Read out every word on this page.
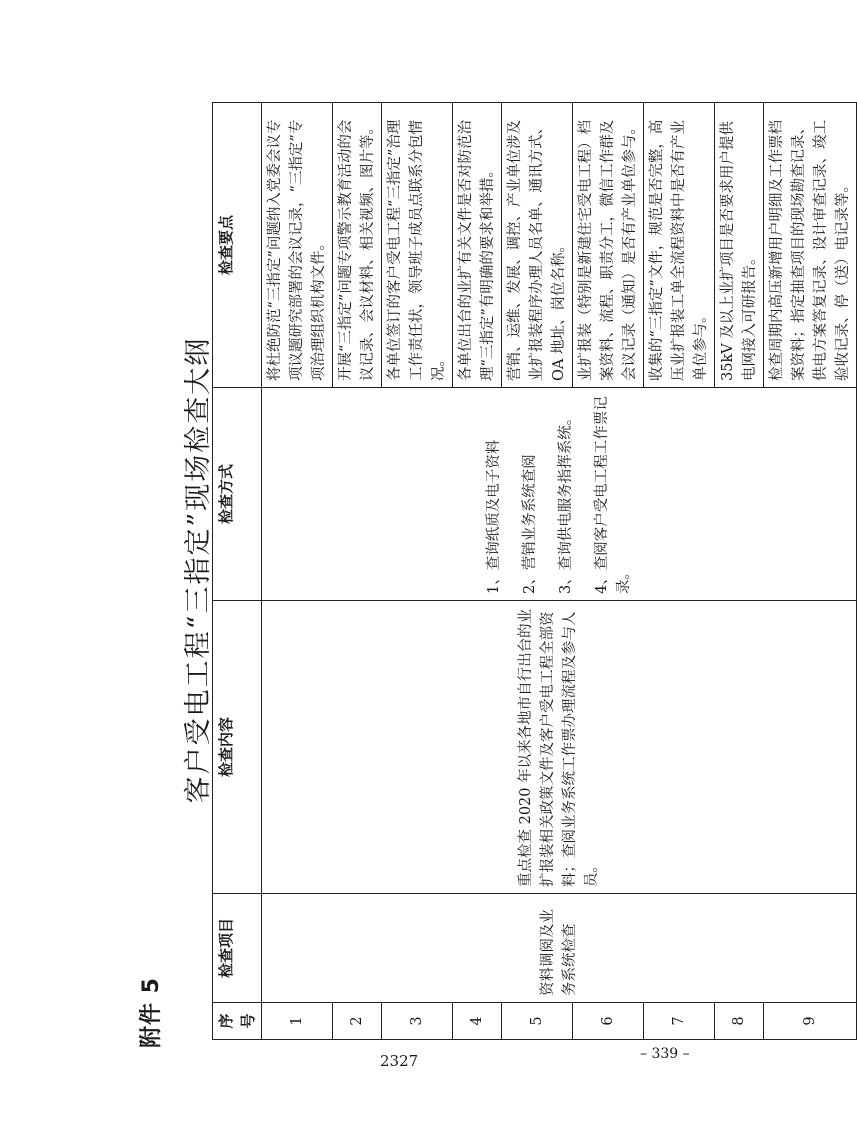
附件 5
客户受电工程“三指定”现场检查大纲
序号	检查项目	检查内容	检查方式	检查要点
1	资料调阅及业务系统检查	重点检查 2020 年以来各地市自行出台的业扩报装相关政策文件及客户受电工程全部资料；查阅业务系统工作票办理流程及参与人员。	1、查询纸质及电子资料 2、营销业务系统查阅 3、查询供电服务指挥系统。 4、查阅客户受电工程工作票记录。	将杜绝防范“三指定”问题纳入党委会议专项议题研究部署的会议记录，“三指定”专项治理组织机构文件。
2				开展“三指定”问题专项警示教育活动的会议记录、会议材料、相关视频、图片等。
3				各单位签订的客户受电工程“三指定”治理工作责任状，领导班子成员点联系分包情况。
4				各单位出台的业扩有关文件是否对防范治理“三指定”有明确的要求和举措。
5				营销、运维、发展、调控、产业单位涉及业扩报装程序办理人员名单、通讯方式、OA 地址、岗位名称。
6				业扩报装（特别是新建住宅受电工程）档案资料、流程、职责分工，微信工作群及会议记录（通知）是否有产业单位参与。
7				收集的“三指定”文件，规范是否完整，高压业扩报装工单全流程资料中是否有产业单位参与。
8				35kV 及以上业扩项目是否要求用户提供电网接入可研报告。
9				检查周期内高压新增用户明细及工作票档案资料；指定抽查项目的现场勘查记录、供电方案答复记录、设计审查记录、竣工验收记录、停（送）电记录等。
2327	– 339 –
